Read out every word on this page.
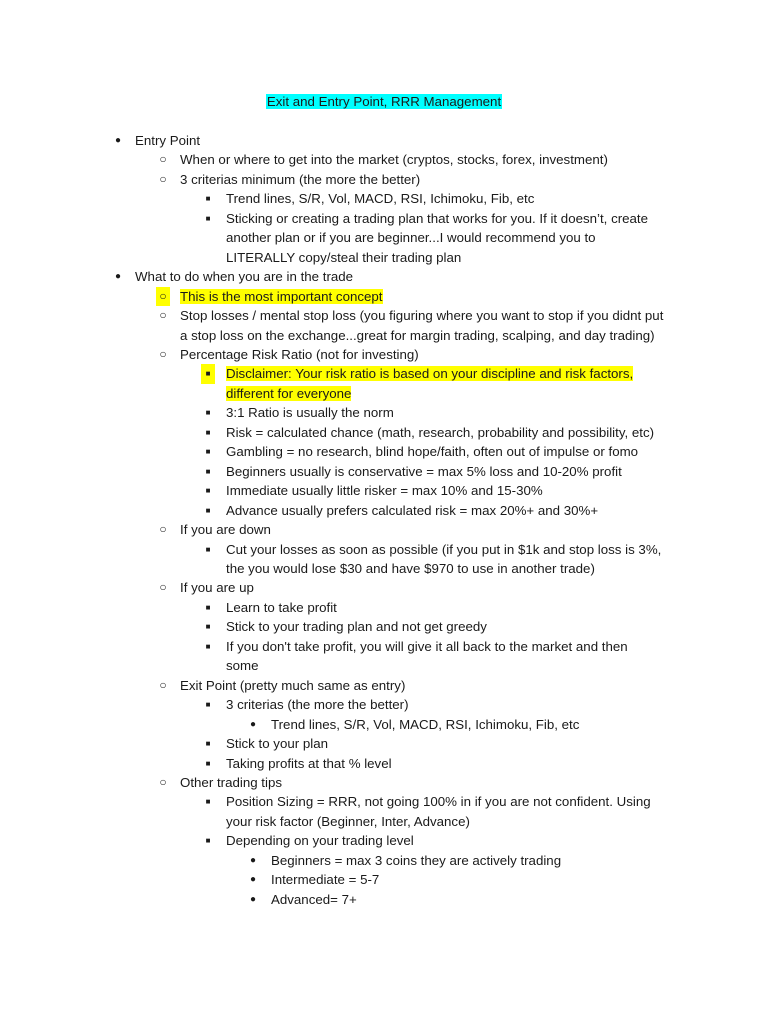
Exit and Entry Point, RRR Management
● Entry Point
○ When or where to get into the market (cryptos, stocks, forex, investment)
○ 3 criterias minimum (the more the better)
■	Trend lines, S/R, Vol, MACD, RSI, Ichimoku, Fib, etc
■	Sticking or creating a trading plan that works for you. If it doesn’t, create another plan or if you are beginner...I would recommend you to LITERALLY copy/steal their trading plan
● What to do when you are in the trade
○ This is the most important concept
○ Stop losses / mental stop loss (you figuring where you want to stop if you didnt put a stop loss on the exchange...great for margin trading, scalping, and day trading)
○ Percentage Risk Ratio (not for investing)
■	Disclaimer: Your risk ratio is based on your discipline and risk factors, different for everyone
■	3:1 Ratio is usually the norm
■	Risk = calculated chance (math, research, probability and possibility, etc)
■	Gambling = no research, blind hope/faith, often out of impulse or fomo
■	Beginners usually is conservative = max 5% loss and 10-20% profit
■	Immediate usually little risker = max 10% and 15-30%
■	Advance usually prefers calculated risk = max 20%+ and 30%+
○ If you are down
■	Cut your losses as soon as possible (if you put in $1k and stop loss is 3%, the you would lose $30 and have $970 to use in another trade)
○ If you are up
■	Learn to take profit
■	Stick to your trading plan and not get greedy
■	If you don't take profit, you will give it all back to the market and then some
○ Exit Point (pretty much same as entry)
■	3 criterias (the more the better)
● Trend lines, S/R, Vol, MACD, RSI, Ichimoku, Fib, etc
■	Stick to your plan
■	Taking profits at that % level
○ Other trading tips
■	Position Sizing = RRR, not going 100% in if you are not confident. Using your risk factor (Beginner, Inter, Advance)
■	Depending on your trading level
● Beginners = max 3 coins they are actively trading
● Intermediate = 5-7
● Advanced= 7+
